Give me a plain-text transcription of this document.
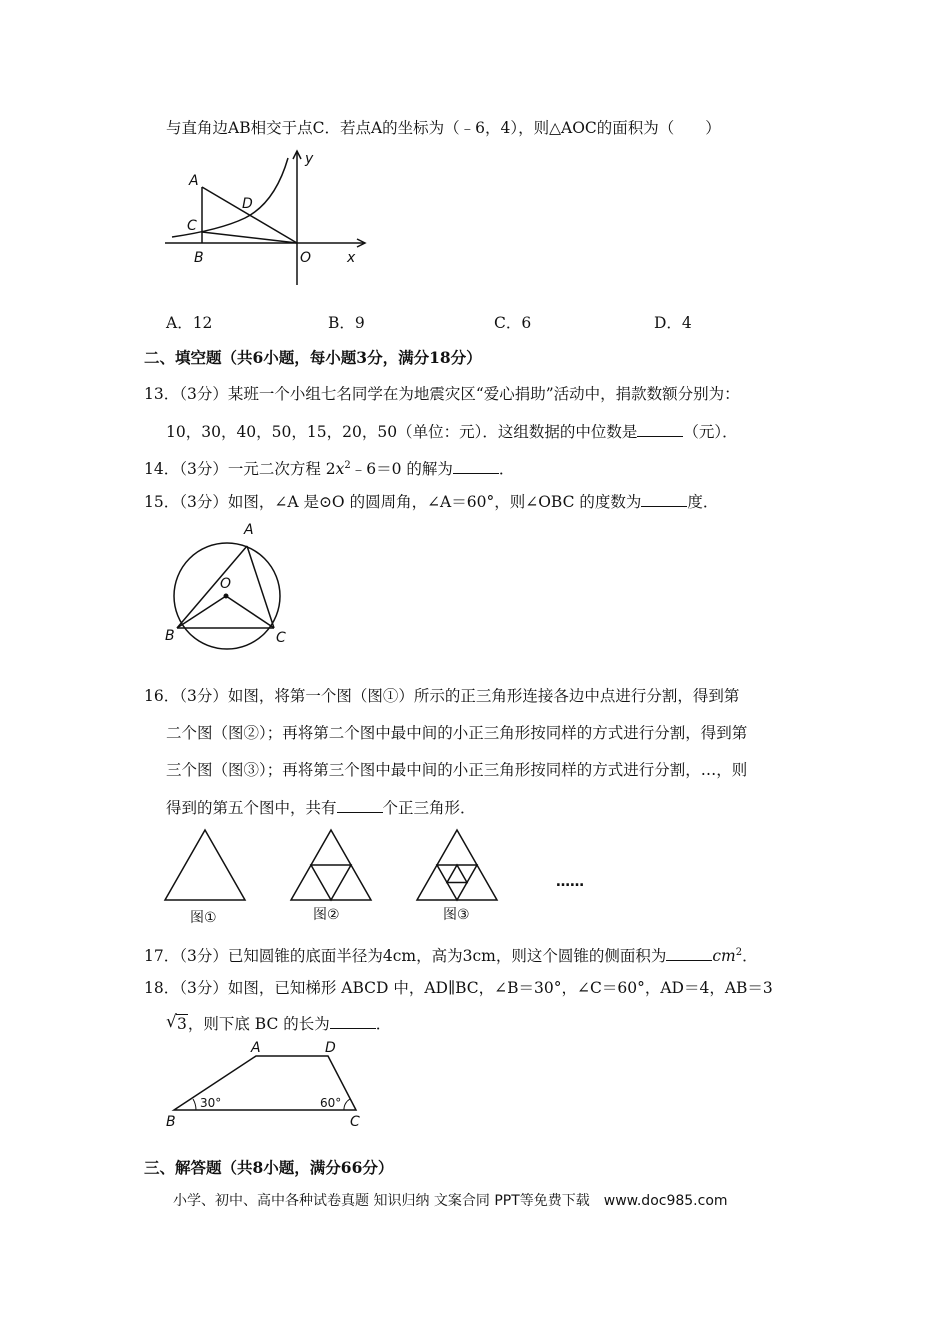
与直角边AB相交于点C．若点A的坐标为（﹣6，4），则△AOC的面积为（　　）
A
D
C
B	O	x
y
A．12	B．9	C．6	D．4
二、填空题（共6小题，每小题3分，满分18分）
13．（3分）某班一个小组七名同学在为地震灾区“爱心捐助”活动中，捐款数额分别为：
10，30，40，50，15，20，50（单位：元）．这组数据的中位数是	（元）．
14．（3分）一元二次方程 $2x^2﹣6=0$ 的解为	．
15．（3分）如图，∠A 是⊙O 的圆周角，∠A＝60°，则∠OBC 的度数为	度．
A
O
B	C
16．（3分）如图，将第一个图（图①）所示的正三角形连接各边中点进行分割，得到第
二个图（图②）；再将第二个图中最中间的小正三角形按同样的方式进行分割，得到第
三个图（图③）；再将第三个图中最中间的小正三角形按同样的方式进行分割，…，则
得到的第五个图中，共有	个正三角形．
图①	图②	图③
……
17．（3分）已知圆锥的底面半径为4cm，高为3cm，则这个圆锥的侧面积为	$cm^2$．
18．（3分）如图，已知梯形 ABCD 中，AD∥BC，∠B＝30°，∠C＝60°，AD＝4，AB＝3
√ 3，则下底 BC 的长为	．
A	D
B	C
30°	60°
三、解答题（共8小题，满分66分）
小学、初中、高中各种试卷真题 知识归纳 文案合同 PPT等免费下载　www.doc985.com
